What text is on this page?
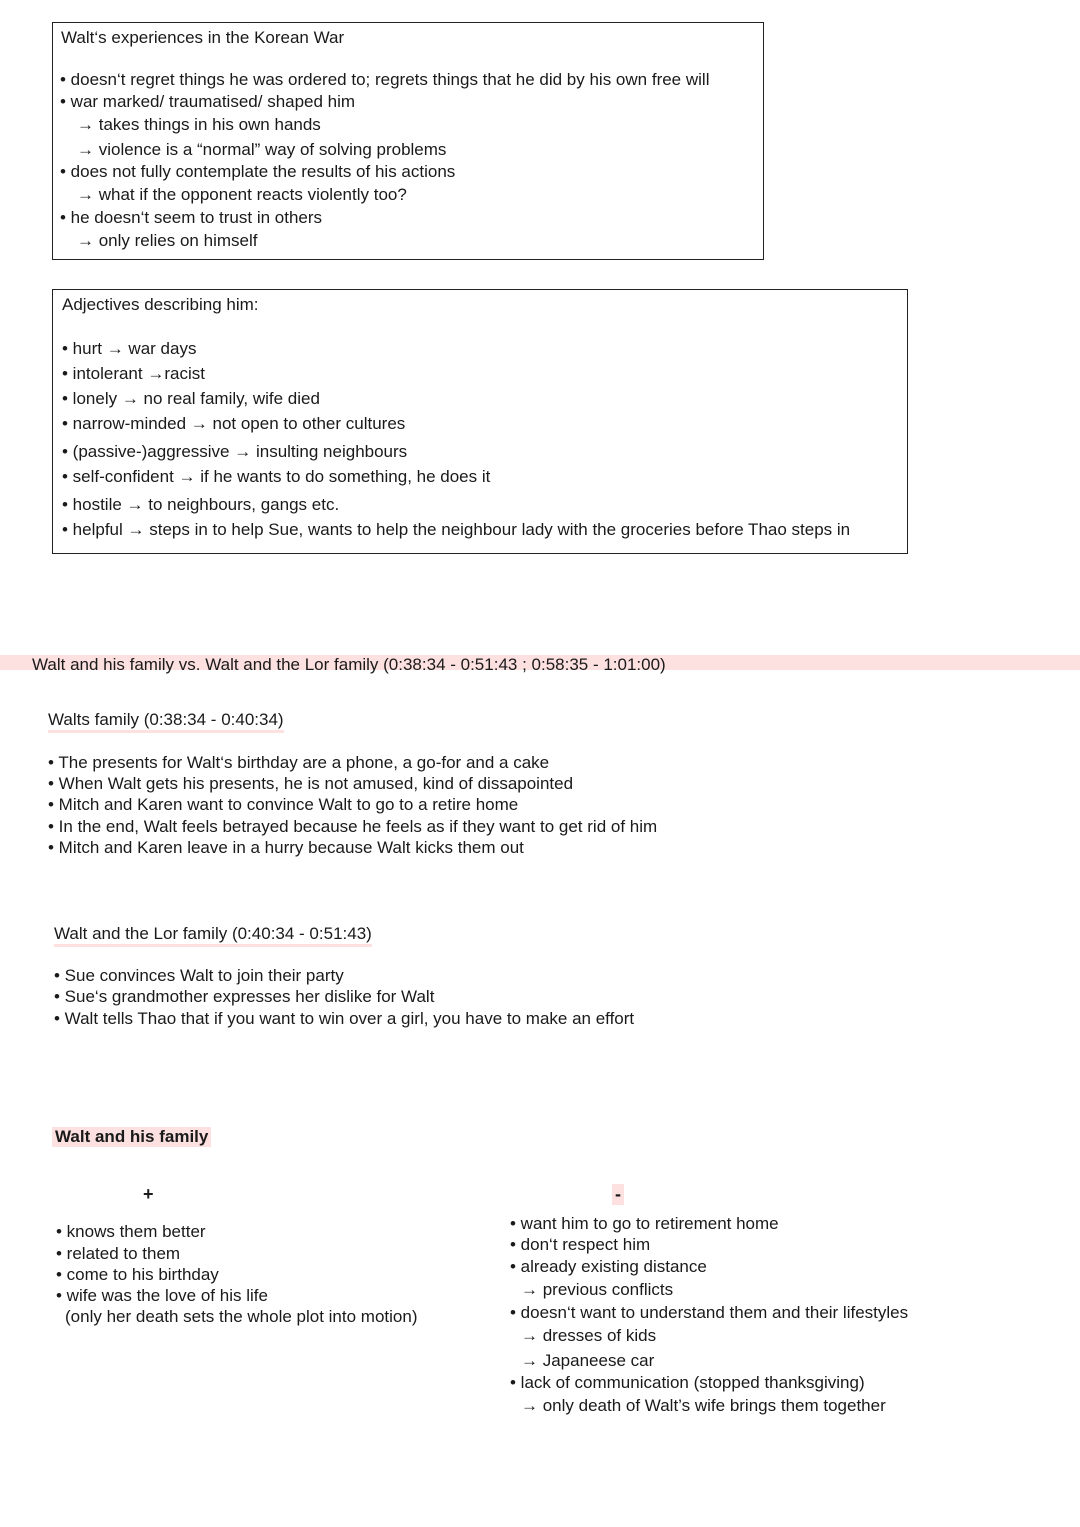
Walt‘s experiences in the Korean War
• doesn‘t regret things he was ordered to; regrets things that he did by his own free will
• war marked/ traumatised/ shaped him
→ takes things in his own hands
→ violence is a “normal” way of solving problems
• does not fully contemplate the results of his actions
→ what if the opponent reacts violently too?
• he doesn‘t seem to trust in others
→ only relies on himself
Adjectives describing him:
• hurt → war days
• intolerant →racist
• lonely → no real family, wife died
• narrow-minded → not open to other cultures
• (passive-)aggressive → insulting neighbours
• self-confident → if he wants to do something, he does it
• hostile → to neighbours, gangs etc.
• helpful → steps in to help Sue, wants to help the neighbour lady with the groceries before Thao steps in
Walt and his family vs. Walt and the Lor family (0:38:34 - 0:51:43 ; 0:58:35 - 1:01:00)
Walts family (0:38:34 - 0:40:34)
• The presents for Walt‘s birthday are a phone, a go-for and a cake
• When Walt gets his presents, he is not amused, kind of dissapointed
• Mitch and Karen want to convince Walt to go to a retire home
• In the end, Walt feels betrayed because he feels as if they want to get rid of him
• Mitch and Karen leave in a hurry because Walt kicks them out
Walt and the Lor family (0:40:34 - 0:51:43)
• Sue convinces Walt to join their party
• Sue‘s grandmother expresses her dislike for Walt
• Walt tells Thao that if you want to win over a girl, you have to make an effort
Walt and his family
+	-
• knows them better
• related to them
• come to his birthday
• wife was the love of his life
(only her death sets the whole plot into motion)
• want him to go to retirement home
• don‘t respect him
• already existing distance
→ previous conflicts
• doesn‘t want to understand them and their lifestyles
→ dresses of kids
→ Japaneese car
• lack of communication (stopped thanksgiving)
→ only death of Walt’s wife brings them together
